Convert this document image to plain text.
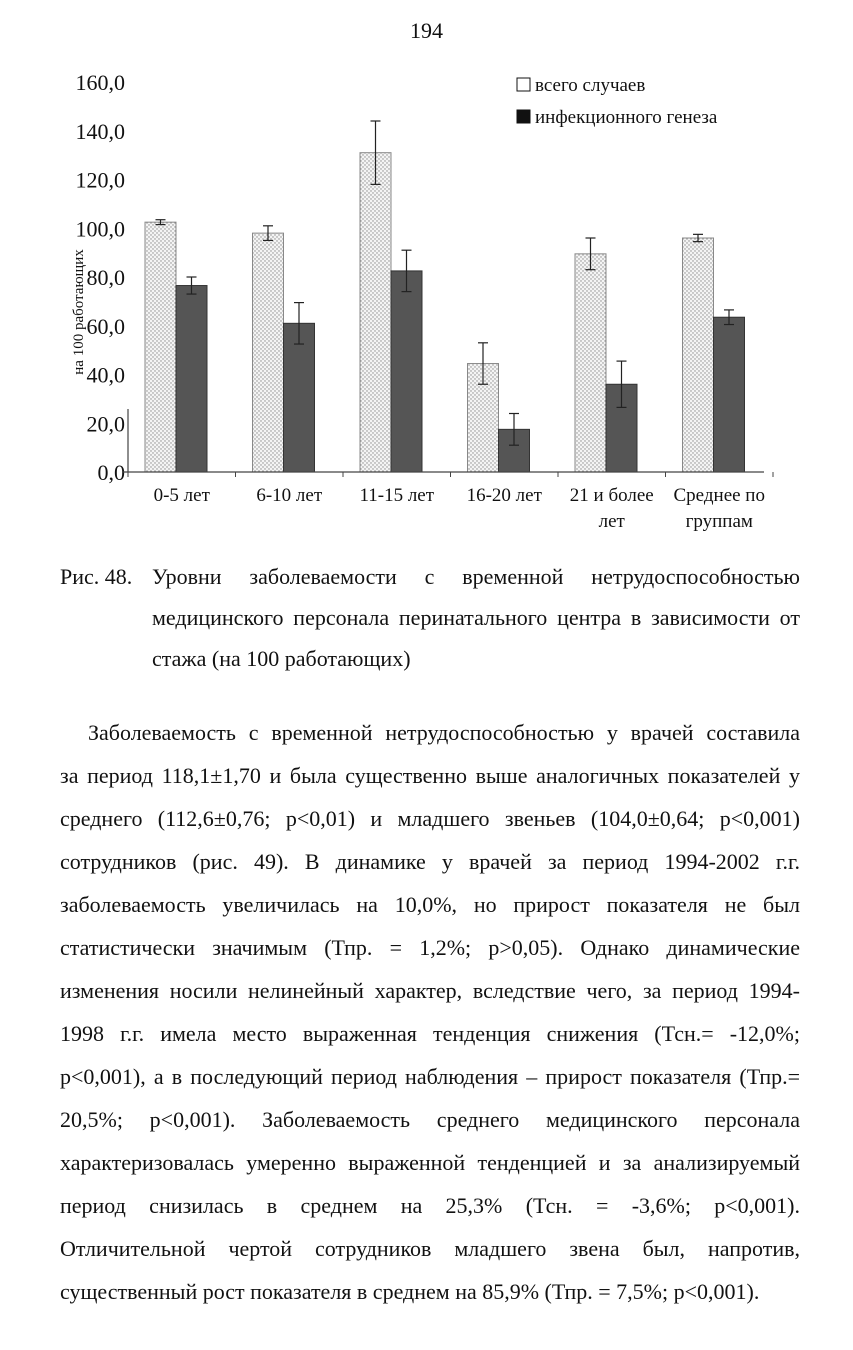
194
0,0
20,0
40,0
60,0
80,0
100,0
120,0
140,0
160,0
на 100 работающих
0-5 лет 6-10 лет 11-15 лет 16-20 лет 21 и более лет
Среднее по группам
всего случаев
инфекционного генеза
Рис. 48. Уровни заболеваемости с временной нетрудоспособностью медицинского персонала перинатального центра в зависимости от стажа (на 100 работающих)
Заболеваемость с временной нетрудоспособностью у врачей составила
за период 118,1±1,70 и была существенно выше аналогичных показателей у
среднего (112,6±0,76; p<0,01) и младшего звеньев (104,0±0,64; p<0,001)
сотрудников (рис. 49). В динамике у врачей за период 1994-2002 г.г.
заболеваемость увеличилась на 10,0%, но прирост показателя не был
статистически значимым (Тпр. = 1,2%; p>0,05). Однако динамические
изменения носили нелинейный характер, вследствие чего, за период 1994-
1998 г.г. имела место выраженная тенденция снижения (Тсн.= -12,0%;
p<0,001), а в последующий период наблюдения – прирост показателя (Тпр.=
20,5%; p<0,001). Заболеваемость среднего медицинского персонала
характеризовалась умеренно выраженной тенденцией и за анализируемый
период снизилась в среднем на 25,3% (Тсн. = -3,6%; p<0,001).
Отличительной чертой сотрудников младшего звена был, напротив,
существенный рост показателя в среднем на 85,9% (Тпр. = 7,5%; p<0,001).
